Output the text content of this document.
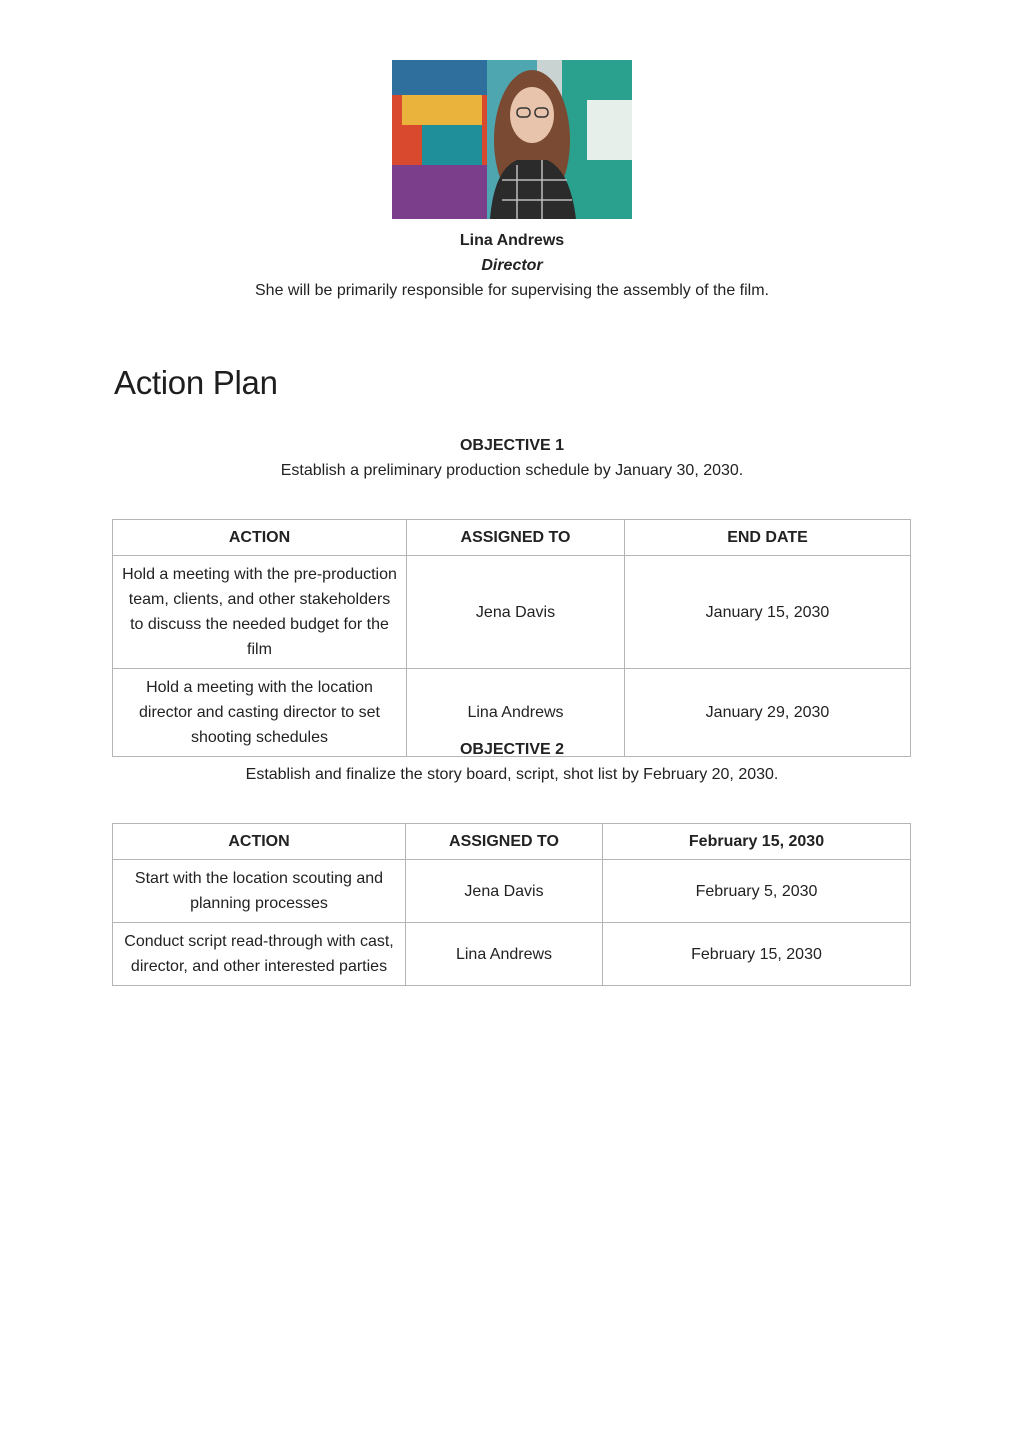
Lina Andrews
Director
She will be primarily responsible for supervising the assembly of the film.
Action Plan
OBJECTIVE 1
Establish a preliminary production schedule by January 30, 2030.
ACTION	ASSIGNED TO	END DATE
Hold a meeting with the pre-production team, clients, and other stakeholders to discuss the needed budget for the film	Jena Davis	January 15, 2030
Hold a meeting with the location director and casting director to set shooting schedules	Lina Andrews	January 29, 2030
OBJECTIVE 2
Establish and finalize the story board, script, shot list by February 20, 2030.
ACTION	ASSIGNED TO	February 15, 2030
Start with the location scouting and planning processes	Jena Davis	February 5, 2030
Conduct script read-through with cast, director, and other interested parties	Lina Andrews	February 15, 2030
